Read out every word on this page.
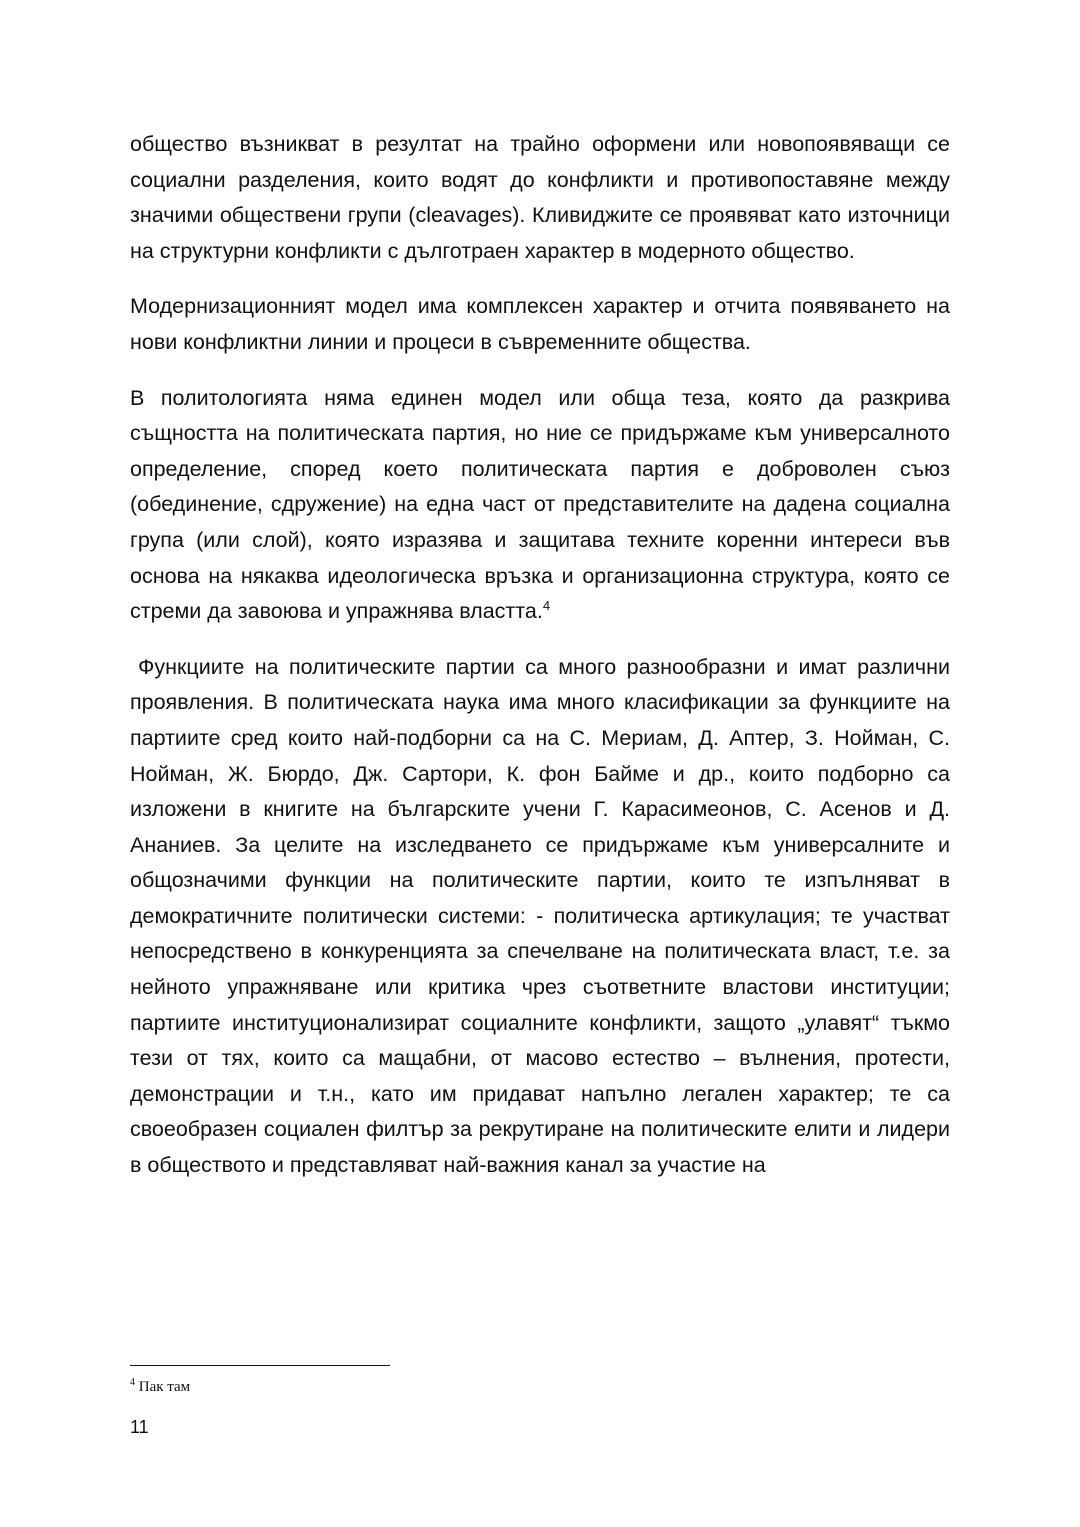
общество възникват в резултат на трайно оформени или новопоявяващи се социални разделения, които водят до конфликти и противопоставяне между значими обществени групи (cleavages). Кливиджите се проявяват като източници на структурни конфликти с дълготраен характер в модерното общество.

Модернизационният модел има комплексен характер и отчита появяването на нови конфликтни линии и процеси в съвременните общества.

В политологията няма единен модел или обща теза, която да разкрива същността на политическата партия, но ние се придържаме към универсалното определение, според което политическата партия е доброволен съюз (обединение, сдружение) на една част от представителите на дадена социална група (или слой), която изразява и защитава техните коренни интереси във основа на някаква идеологическа връзка и организационна структура, която се стреми да завоюва и упражнява властта.$^4$

Функциите на политическите партии са много разнообразни и имат различни проявления. В политическата наука има много класификации за функциите на партиите сред които най-подборни са на С. Мериам, Д. Аптер, З. Нойман, С. Нойман, Ж. Бюрдо, Дж. Сартори, К. фон Байме и др., които подборно са изложени в книгите на българските учени Г. Карасимеонов, С. Асенов и Д. Ананиев. За целите на изследването се придържаме към универсалните и общозначими функции на политическите партии, които те изпълняват в демократичните политически системи: - политическа артикулация; те участват непосредствено в конкуренцията за спечелване на политическата власт, т.е. за нейното упражняване или критика чрез съответните властови институции; партиите институционализират социалните конфликти, защото „улавят“ тъкмо тези от тях, които са мащабни, от масово естество – вълнения, протести, демонстрации и т.н., като им придават напълно легален характер; те са своеобразен социален филтър за рекрутиране на политическите елити и лидери в обществото и представляват най-важния канал за участие на

$^4$ Пак там
11
